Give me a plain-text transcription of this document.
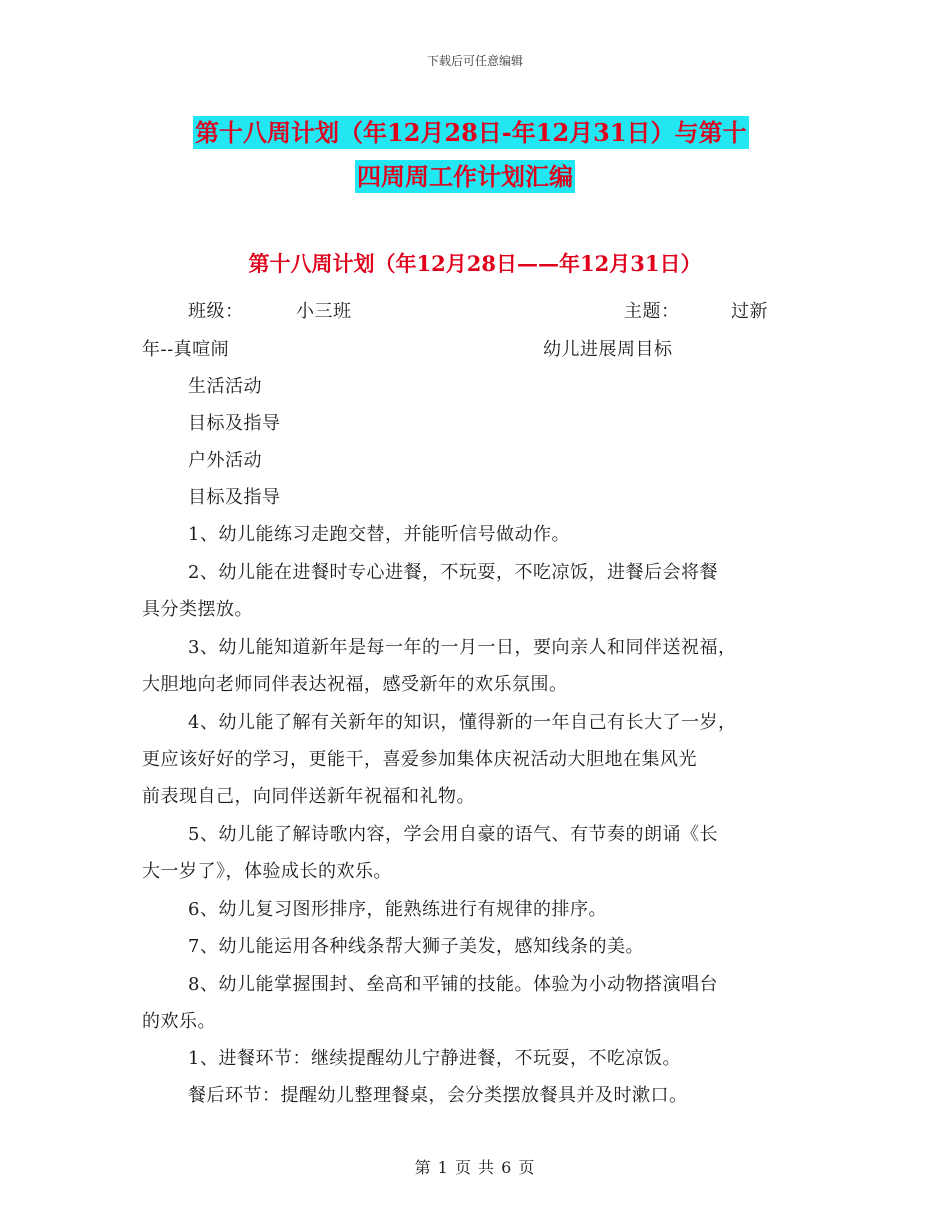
下载后可任意编辑
第十八周计划（年12月28日-年12月31日）与第十
四周周工作计划汇编
第十八周计划（年12月28日——年12月31日）
班级：	小三班	主题：	过新
年--真喧闹	幼儿进展周目标
生活活动
目标及指导
户外活动
目标及指导
1、幼儿能练习走跑交替，并能听信号做动作。
2、幼儿能在进餐时专心进餐，不玩耍，不吃凉饭，进餐后会将餐
具分类摆放。
3、幼儿能知道新年是每一年的一月一日，要向亲人和同伴送祝福，
大胆地向老师同伴表达祝福，感受新年的欢乐氛围。
4、幼儿能了解有关新年的知识，懂得新的一年自己有长大了一岁，
更应该好好的学习，更能干，喜爱参加集体庆祝活动大胆地在集风光
前表现自己，向同伴送新年祝福和礼物。
5、幼儿能了解诗歌内容，学会用自豪的语气、有节奏的朗诵《长
大一岁了》，体验成长的欢乐。
6、幼儿复习图形排序，能熟练进行有规律的排序。
7、幼儿能运用各种线条帮大狮子美发，感知线条的美。
8、幼儿能掌握围封、垒高和平铺的技能。体验为小动物搭演唱台
的欢乐。
1、进餐环节：继续提醒幼儿宁静进餐，不玩耍，不吃凉饭。
餐后环节：提醒幼儿整理餐桌，会分类摆放餐具并及时漱口。
第 1 页 共 6 页
